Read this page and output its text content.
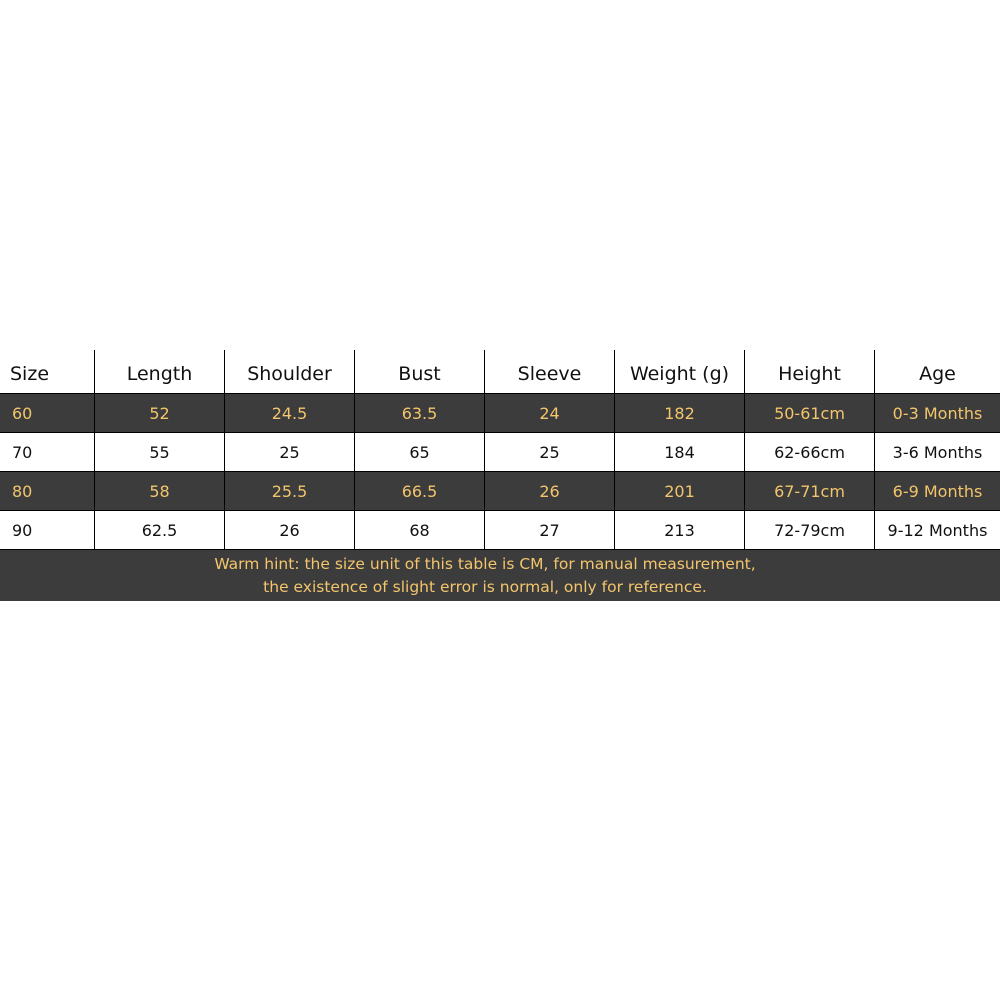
Size	Length	Shoulder	Bust	Sleeve	Weight (g)	Height	Age
60	52	24.5	63.5	24	182	50-61cm	0-3 Months
70	55	25	65	25	184	62-66cm	3-6 Months
80	58	25.5	66.5	26	201	67-71cm	6-9 Months
90	62.5	26	68	27	213	72-79cm	9-12 Months
Warm hint: the size unit of this table is CM, for manual measurement,
the existence of slight error is normal, only for reference.
